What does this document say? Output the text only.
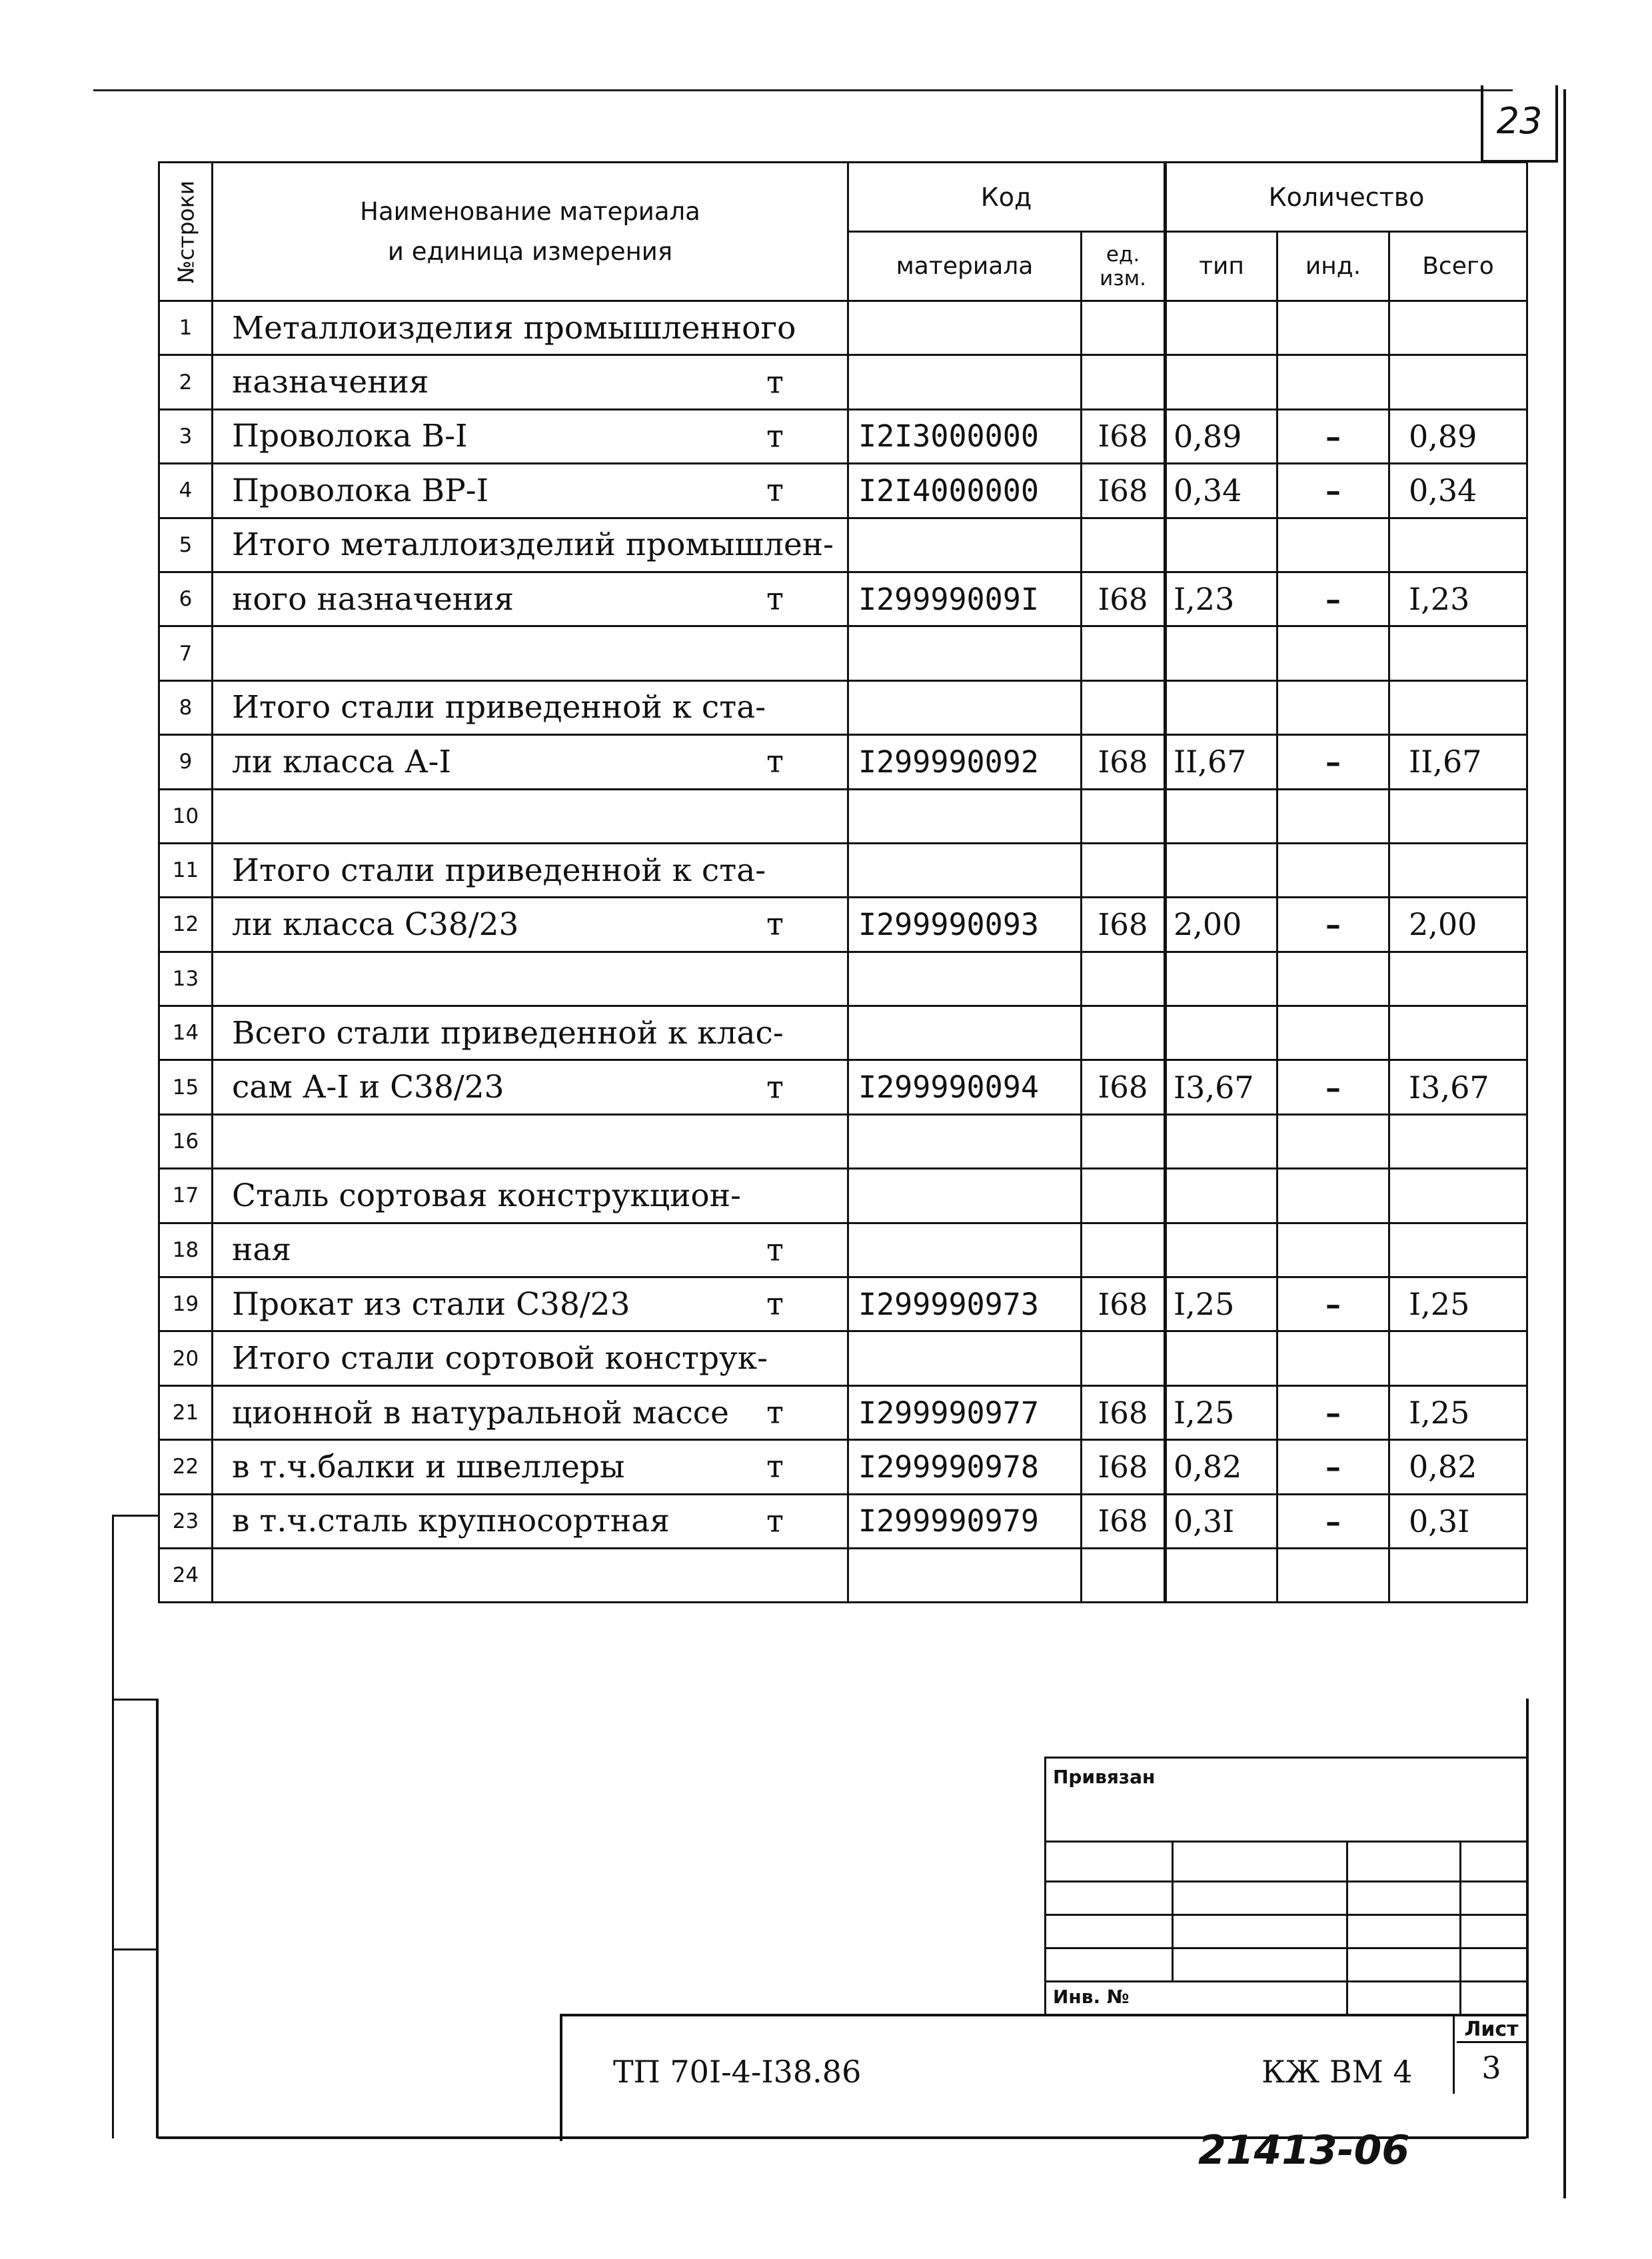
23
№строки	Наименование материала
и единица измерения	Код		Количество		
		материала	ед. изм.	тип	инд.	Всего
1	Металлоизделия промышленного

2	назначения т					

3	Проволока В-I т	I2I3000000	I68	0,89	–	0,89
4	Проволока ВР-I т	I2I4000000	I68	0,34	–	0,34
5	Итого металлоизделий промышлен-

6	ного назначения т	I29999009I	I68	I,23	–	I,23
7	

8	Итого стали приведенной к ста-

9	ли класса А-I т	I299990092	I68	II,67	–	II,67
10	

11	Итого стали приведенной к ста-

12	ли класса С38/23 т	I299990093	I68	2,00	–	2,00
13	

14	Всего стали приведенной к клас-

15	сам А-I и С38/23 т	I299990094	I68	I3,67	–	I3,67
16	

17	Сталь сортовая конструкцион-

18	ная т					

19	Прокат из стали С38/23 т	I299990973	I68	I,25	–	I,25
20	Итого стали сортовой конструк-

21	ционной в натуральной массе т	I299990977	I68	I,25	–	I,25
22	в т.ч.балки и швеллеры т	I299990978	I68	0,82	–	0,82
23	в т.ч.сталь крупносортная т	I299990979	I68	0,3I	–	0,3I
24	

Привязан
Инв. №
ТП 70I-4-I38.86	КЖ ВМ 4
Лист
3
21413-06
